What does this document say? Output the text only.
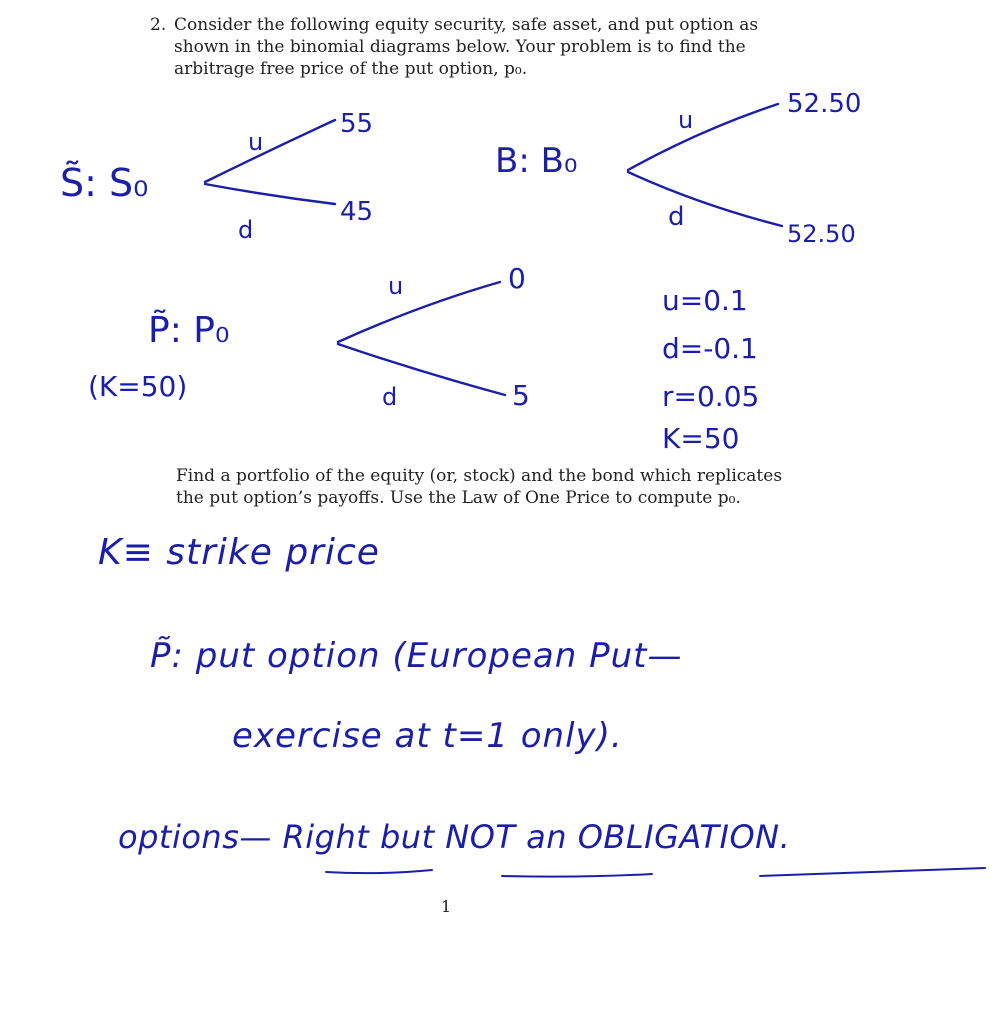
2. Consider the following equity security, safe asset, and put option as shown in the binomial diagrams below. Your problem is to find the arbitrage free price of the put option, p₀.
S̃: S₀
u
d
55
45
B: B₀
u
d
52.50
52.50
P̃: P₀
(K=50)
u
d
0
5
u=0.1
d=-0.1
r=0.05
K=50
Find a portfolio of the equity (or, stock) and the bond which replicates the put option’s payoffs. Use the Law of One Price to compute p₀.
K≡ strike price
P̃: put option (European Put—
exercise at t=1 only).
options— Right but NOT an OBLIGATION.
1
